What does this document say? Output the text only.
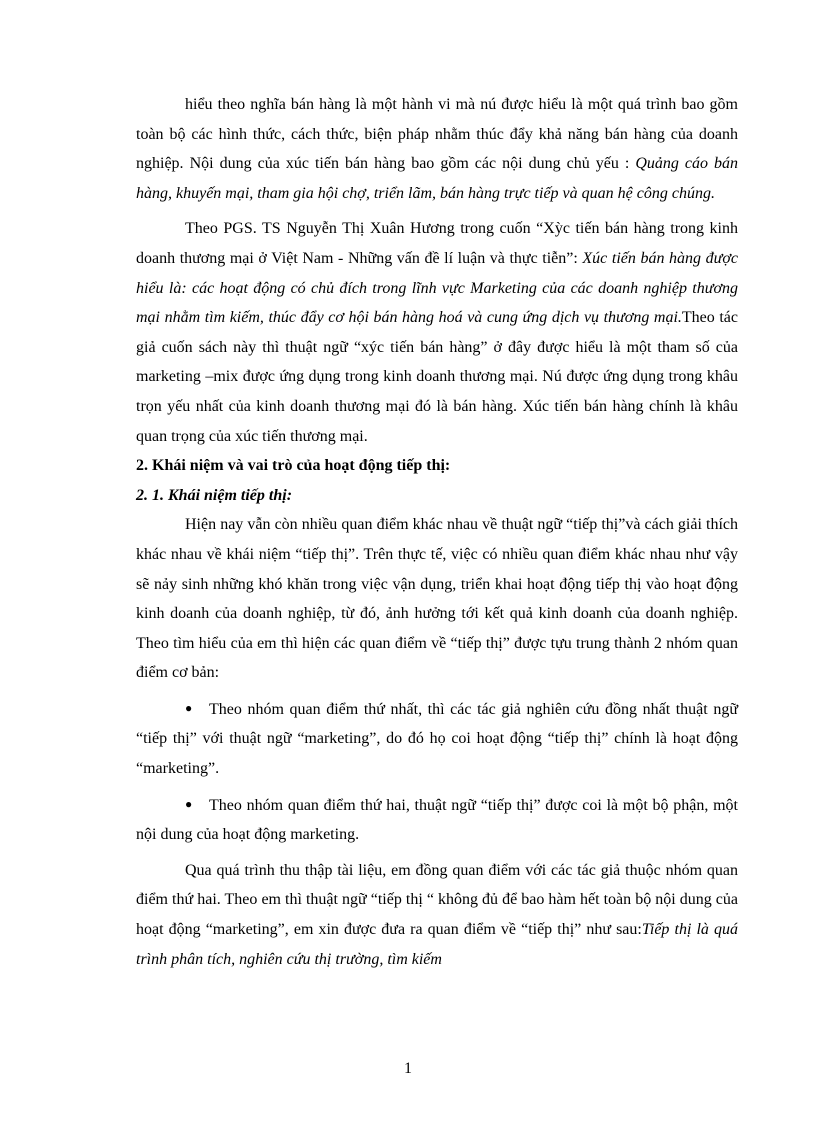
hiểu theo nghĩa bán hàng là một hành vi mà nú được hiểu là một quá trình bao gồm toàn bộ các hình thức, cách thức, biện pháp nhằm thúc đẩy khả năng bán hàng của doanh nghiệp. Nội dung của xúc tiến bán hàng bao gồm các nội dung chủ yếu : Quảng cáo bán hàng, khuyến mại, tham gia hội chợ, triển lãm, bán hàng trực tiếp và quan hệ công chúng.

Theo PGS. TS Nguyễn Thị Xuân Hương trong cuốn “Xỳc tiến bán hàng trong kinh doanh thương mại ở Việt Nam - Những vấn đề lí luận và thực tiễn”: Xúc tiến bán hàng được hiểu là: các hoạt động có chủ đích trong lĩnh vực Marketing của các doanh nghiệp thương mại nhằm tìm kiếm, thúc đẩy cơ hội bán hàng hoá và cung ứng dịch vụ thương mại.Theo tác giả cuốn sách này thì thuật ngữ “xýc tiến bán hàng” ở đây được hiểu là một tham số của marketing –mix được ứng dụng trong kinh doanh thương mại. Nú được ứng dụng trong khâu trọn yếu nhất của kinh doanh thương mại đó là bán hàng. Xúc tiến bán hàng chính là khâu quan trọng của xúc tiến thương mại.

2. Khái niệm và vai trò của hoạt động tiếp thị:

2. 1. Khái niệm tiếp thị:

Hiện nay vẫn còn nhiều quan điểm khác nhau về thuật ngữ “tiếp thị”và cách giải thích khác nhau về khái niệm “tiếp thị”. Trên thực tế, việc có nhiều quan điểm khác nhau như vậy sẽ nảy sinh những khó khăn trong việc vận dụng, triển khai hoạt động tiếp thị vào hoạt động kinh doanh của doanh nghiệp, từ đó, ảnh hưởng tới kết quả kinh doanh của doanh nghiệp. Theo tìm hiểu của em thì hiện các quan điểm về “tiếp thị” được tựu trung thành 2 nhóm quan điểm cơ bản:

● Theo nhóm quan điểm thứ nhất, thì các tác giả nghiên cứu đồng nhất thuật ngữ “tiếp thị” với thuật ngữ “marketing”, do đó họ coi hoạt động “tiếp thị” chính là hoạt động “marketing”.

● Theo nhóm quan điểm thứ hai, thuật ngữ “tiếp thị” được coi là một bộ phận, một nội dung của hoạt động marketing.

Qua quá trình thu thập tài liệu, em đồng quan điểm với các tác giả thuộc nhóm quan điểm thứ hai. Theo em thì thuật ngữ “tiếp thị “ không đủ để bao hàm hết toàn bộ nội dung của hoạt động “marketing”, em xin được đưa ra quan điểm về “tiếp thị” như sau:Tiếp thị là quá trình phân tích, nghiên cứu thị trường, tìm kiếm

1
